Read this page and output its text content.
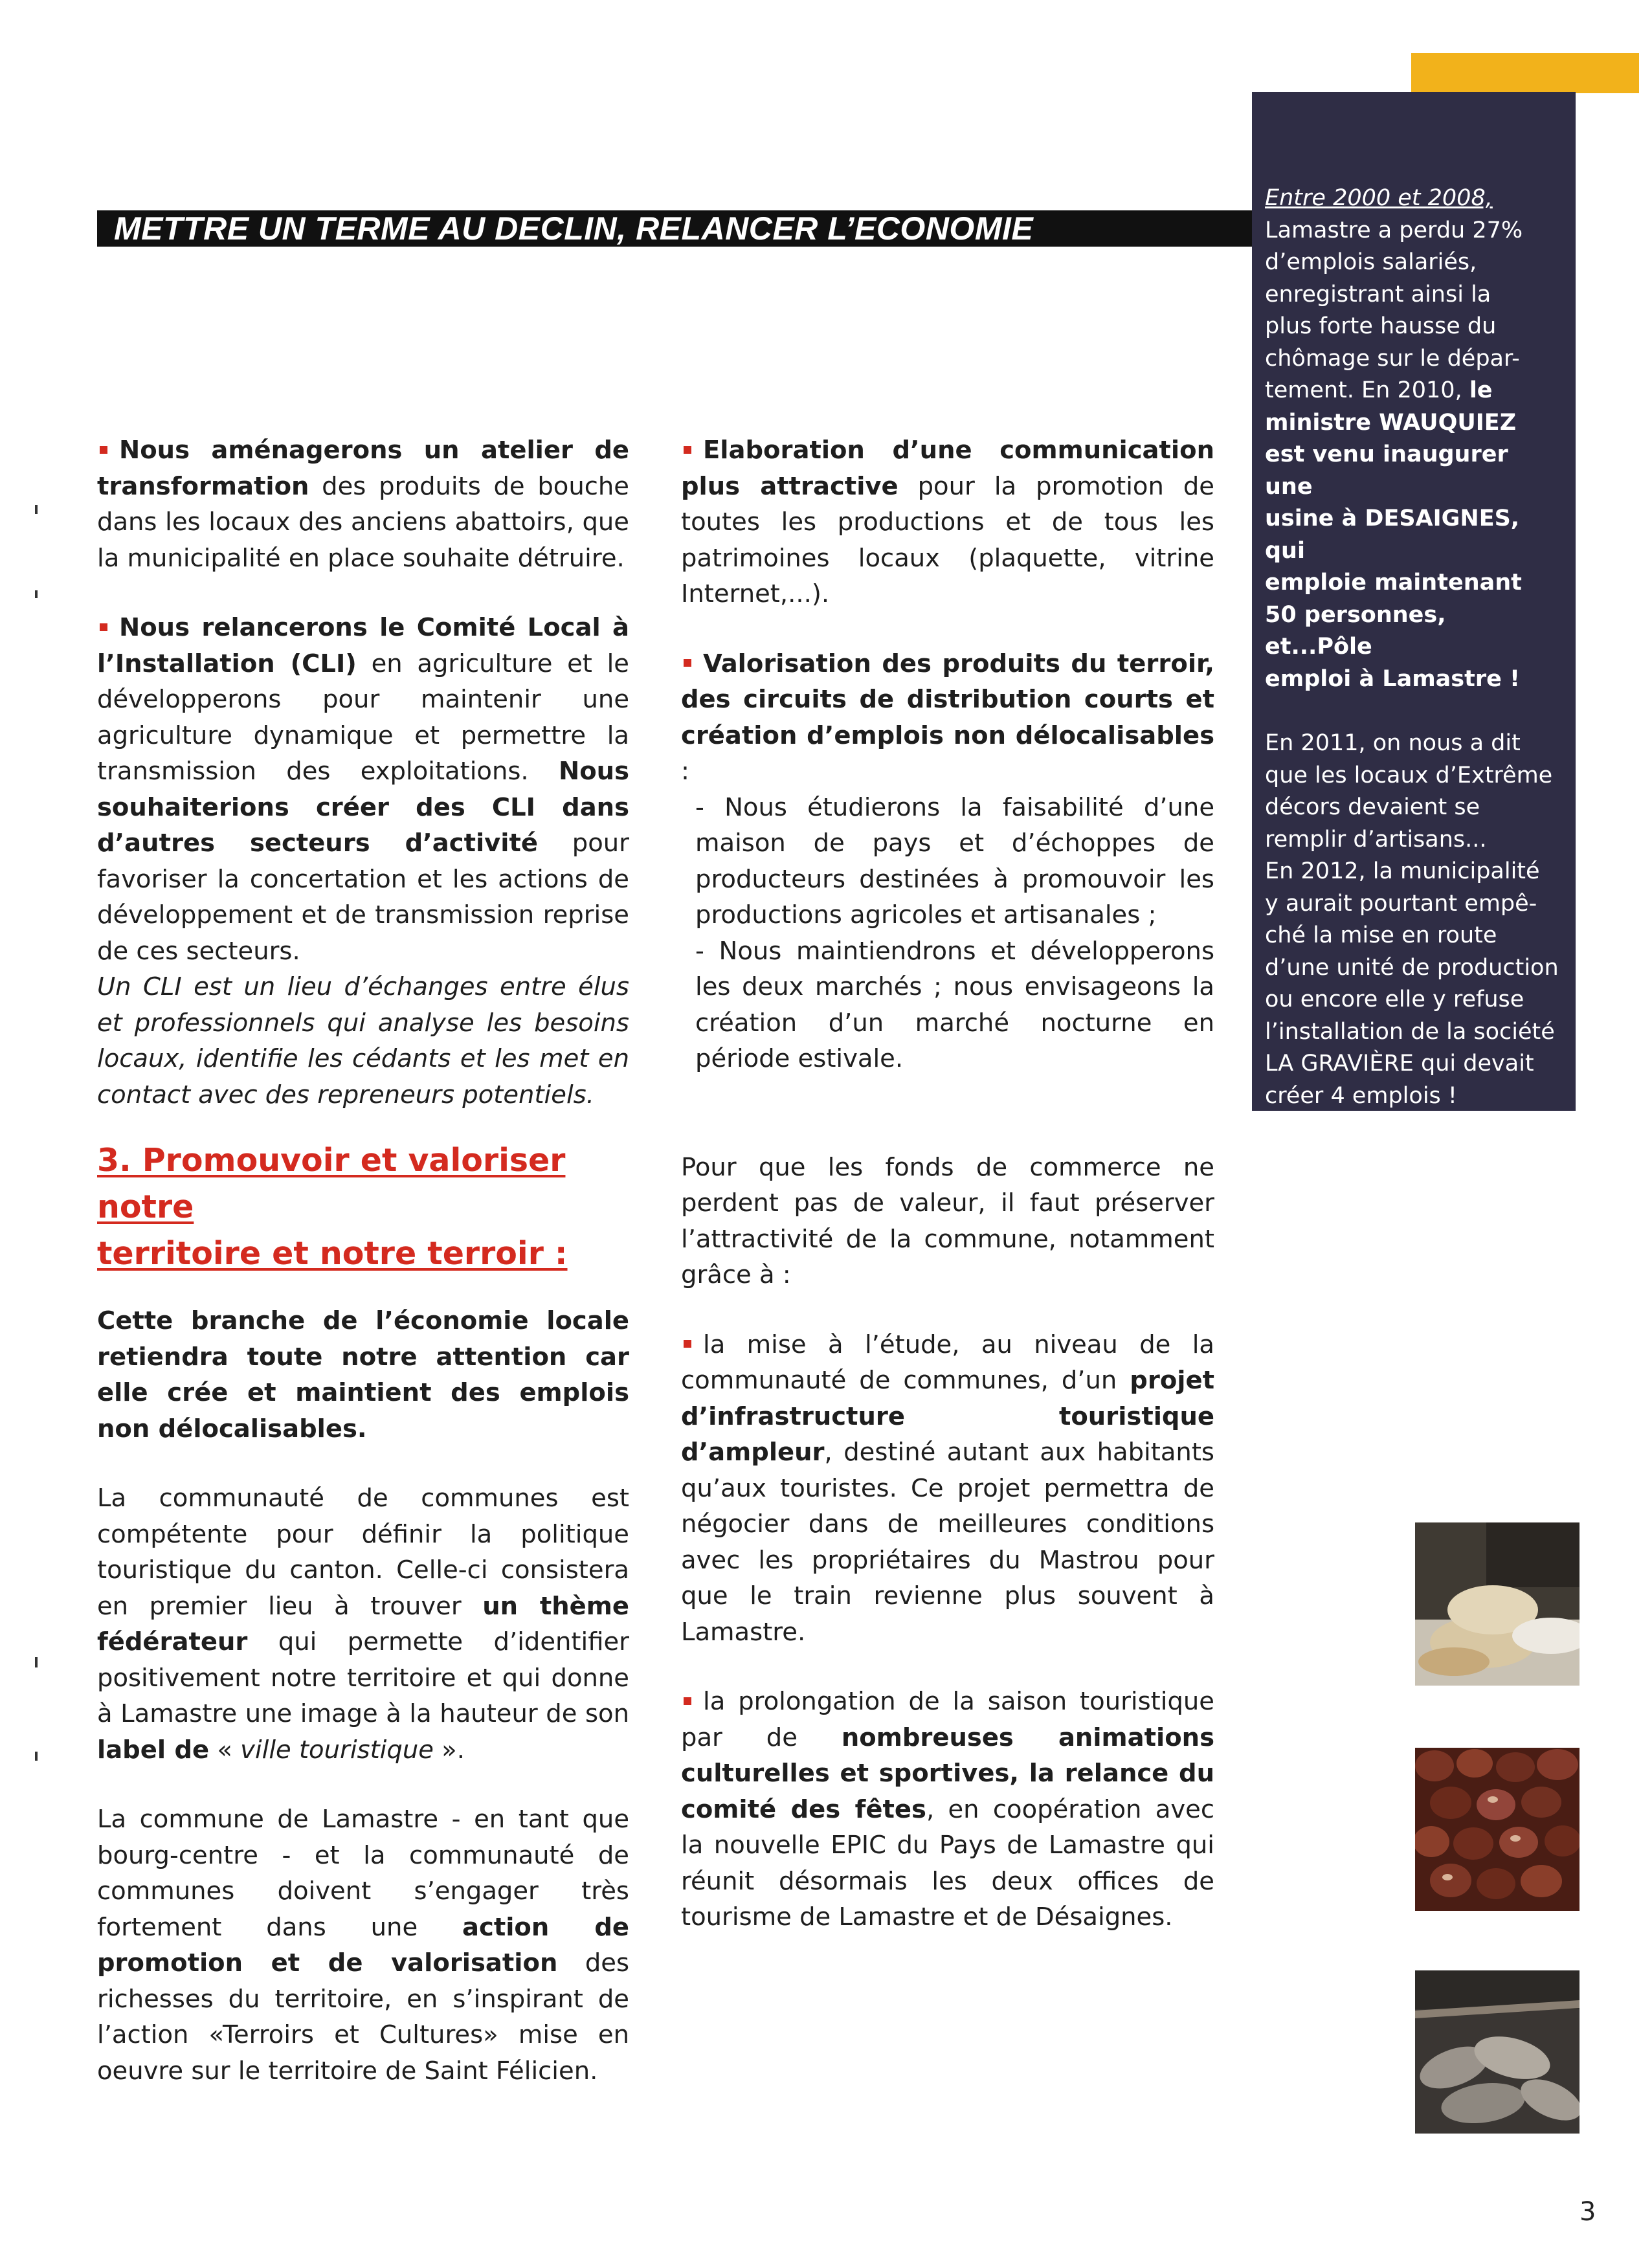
Entre 2000 et 2008,

Lamastre a perdu 27%

d’emplois salariés,

enregistrant ainsi la

plus forte hausse du

chômage sur le dépar-

tement. En 2010, le

ministre WAUQUIEZ

est venu inaugurer une

usine à DESAIGNES, qui

emploie maintenant

50 personnes, et...Pôle

emploi à Lamastre !

En 2011, on nous a dit

que les locaux d’Extrême

décors devaient se

remplir d’artisans...

En 2012, la municipalité

y aurait pourtant empê-

ché la mise en route

d’une unité de production

ou encore elle y refuse

l’installation de la société

LA GRAVIÈRE qui devait

créer 4 emplois !

METTRE UN TERME AU DECLIN, RELANCER L’ECONOMIE

Nous aménagerons un atelier de transformation des produits de bouche dans les locaux des anciens abattoirs, que la municipalité en place souhaite détruire.

Nous relancerons le Comité Local à l’Installation (CLI) en agriculture et le développerons pour maintenir une agriculture dynamique et permettre la transmission des exploitations. Nous souhaiterions créer des CLI dans d’autres secteurs d’activité pour favoriser la concertation et les actions de développement et de transmission reprise de ces secteurs.

Un CLI est un lieu d’échanges entre élus et professionnels qui analyse les besoins locaux, identifie les cédants et les met en contact avec des repreneurs potentiels.

3. Promouvoir et valoriser notre
territoire et notre terroir :

Cette branche de l’économie locale retiendra toute notre attention car elle crée et maintient des emplois non délocalisables.

La communauté de communes est compétente pour définir la politique touristique du canton. Celle-ci consistera en premier lieu à trouver un thème fédérateur qui permette d’identifier positivement notre territoire et qui donne à Lamastre une image à la hauteur de son label de « ville touristique ».

La commune de Lamastre - en tant que bourg-centre - et la communauté de communes doivent s’engager très fortement dans une action de promotion et de valorisation des richesses du territoire, en s’inspirant de l’action «Terroirs et Cultures» mise en oeuvre sur le territoire de Saint Félicien.

Elaboration d’une communication plus attractive pour la promotion de toutes les productions et de tous les patrimoines locaux (plaquette, vitrine Internet,...).

Valorisation des produits du terroir, des circuits de distribution courts et création d’emplois non délocalisables :

- Nous étudierons la faisabilité d’une maison de pays et d’échoppes de producteurs destinées à promouvoir les productions agricoles et artisanales ;

- Nous maintiendrons et développerons les deux marchés ; nous envisageons la création d’un marché nocturne en période estivale.

Pour que les fonds de commerce ne perdent pas de valeur, il faut préserver l’attractivité de la commune, notamment grâce à :

la mise à l’étude, au niveau de la communauté de communes, d’un projet d’infrastructure touristique d’ampleur, destiné autant aux habitants qu’aux touristes. Ce projet permettra de négocier dans de meilleures conditions avec les propriétaires du Mastrou pour que le train revienne plus souvent à Lamastre.

la prolongation de la saison touristique par de nombreuses animations culturelles et sportives, la relance du comité des fêtes, en coopération avec la nouvelle EPIC du Pays de Lamastre qui réunit désormais les deux offices de tourisme de Lamastre et de Désaignes.

3
